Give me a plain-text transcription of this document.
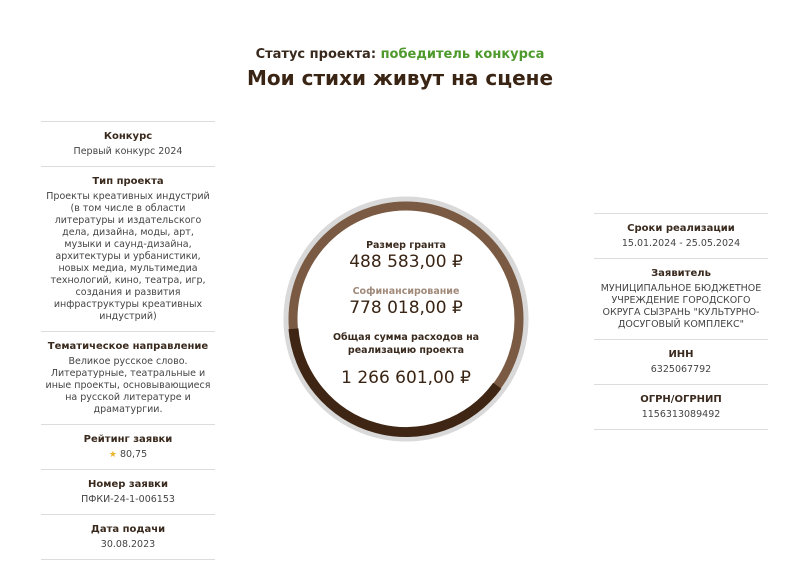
Статус проекта: победитель конкурса
Мои стихи живут на сцене
Конкурс
Первый конкурс 2024
Тип проекта
Проекты креативных индустрий (в том числе в области литературы и издательского дела, дизайна, моды, арт, музыки и саунд-дизайна, архитектуры и урбанистики, новых медиа, мультимедиа технологий, кино, театра, игр, создания и развития инфраструктуры креативных индустрий)
Тематическое направление
Великое русское слово. Литературные, театральные и иные проекты, основывающиеся на русской литературе и драматургии.
Рейтинг заявки
★ 80,75
Номер заявки
ПФКИ-24-1-006153
Дата подачи
30.08.2023
Сроки реализации
15.01.2024 - 25.05.2024
Заявитель
МУНИЦИПАЛЬНОЕ БЮДЖЕТНОЕ УЧРЕЖДЕНИЕ ГОРОДСКОГО ОКРУГА СЫЗРАНЬ "КУЛЬТУРНО-ДОСУГОВЫЙ КОМПЛЕКС"
ИНН
6325067792
ОГРН/ОГРНИП
1156313089492
Размер гранта
488 583,00 ₽
Софинансирование
778 018,00 ₽
Общая сумма расходов на реализацию проекта
1 266 601,00 ₽
